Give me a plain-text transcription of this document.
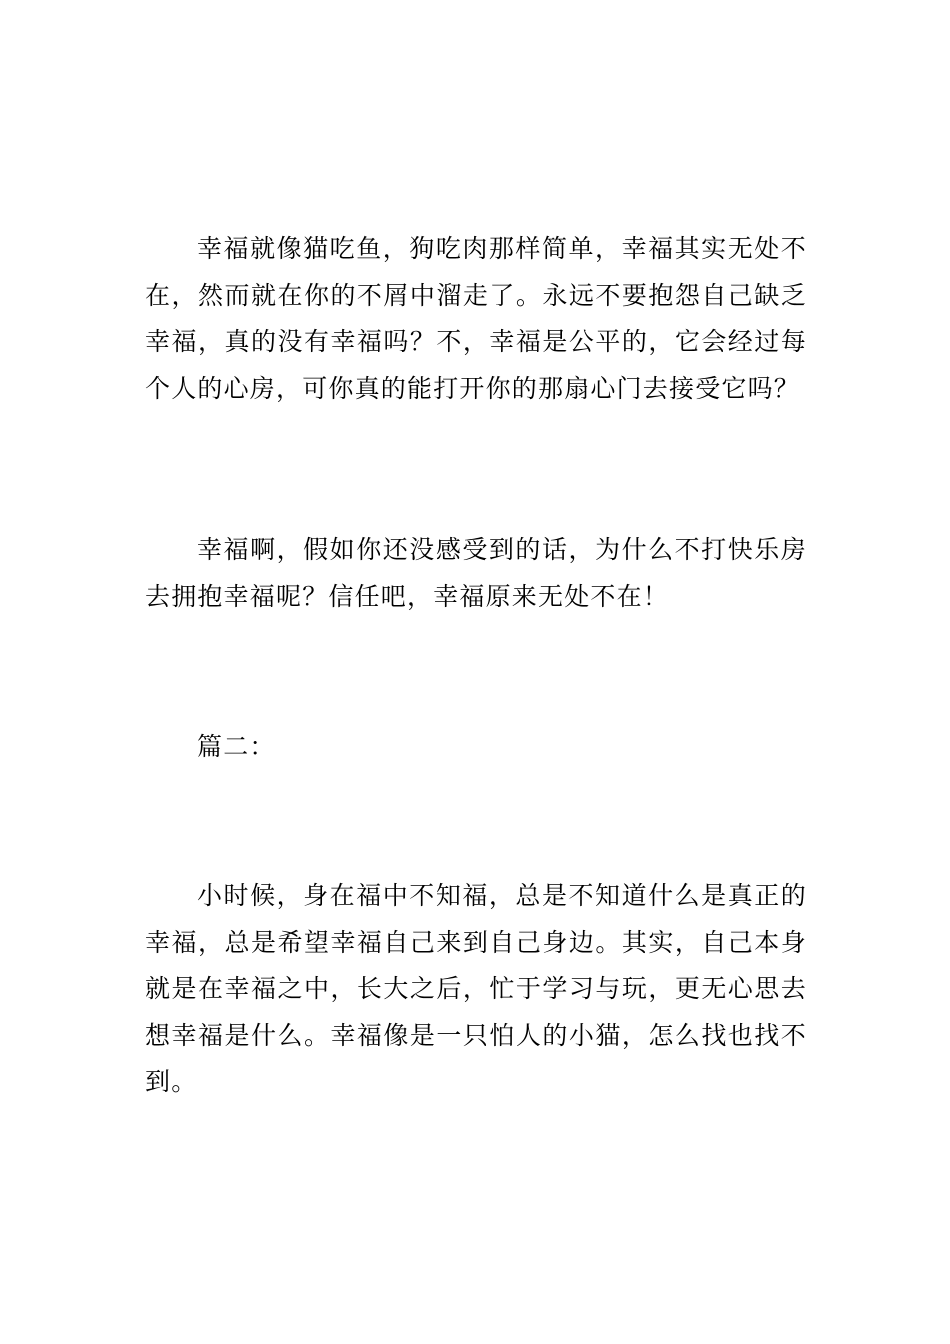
幸福就像猫吃鱼，狗吃肉那样简单，幸福其实无处不在，然而就在你的不屑中溜走了。永远不要抱怨自己缺乏幸福，真的没有幸福吗？不，幸福是公平的，它会经过每个人的心房，可你真的能打开你的那扇心门去接受它吗？

幸福啊，假如你还没感受到的话，为什么不打快乐房去拥抱幸福呢？信任吧，幸福原来无处不在！

篇二：

小时候，身在福中不知福，总是不知道什么是真正的幸福，总是希望幸福自己来到自己身边。其实，自己本身就是在幸福之中，长大之后，忙于学习与玩，更无心思去想幸福是什么。幸福像是一只怕人的小猫，怎么找也找不到。
